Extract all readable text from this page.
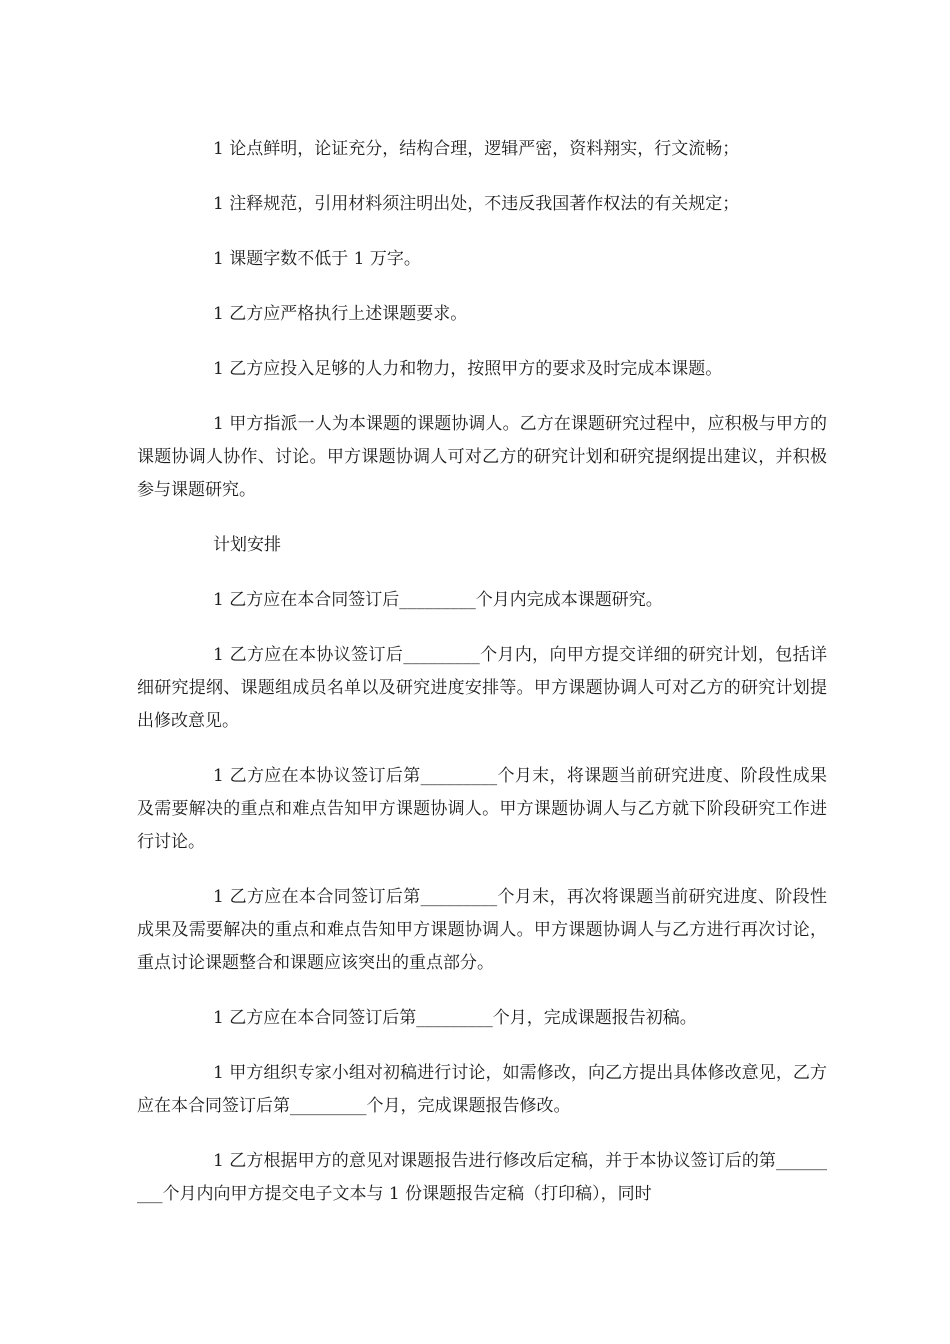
1 论点鲜明，论证充分，结构合理，逻辑严密，资料翔实，行文流畅；

1 注释规范，引用材料须注明出处，不违反我国著作权法的有关规定；

1 课题字数不低于 1 万字。

1 乙方应严格执行上述课题要求。

1 乙方应投入足够的人力和物力，按照甲方的要求及时完成本课题。

1 甲方指派一人为本课题的课题协调人。乙方在课题研究过程中，应积极与甲方的课题协调人协作、讨论。甲方课题协调人可对乙方的研究计划和研究提纲提出建议，并积极参与课题研究。

计划安排

1 乙方应在本合同签订后_________个月内完成本课题研究。

1 乙方应在本协议签订后_________个月内，向甲方提交详细的研究计划，包括详细研究提纲、课题组成员名单以及研究进度安排等。甲方课题协调人可对乙方的研究计划提出修改意见。

1 乙方应在本协议签订后第_________个月末，将课题当前研究进度、阶段性成果及需要解决的重点和难点告知甲方课题协调人。甲方课题协调人与乙方就下阶段研究工作进行讨论。

1 乙方应在本合同签订后第_________个月末，再次将课题当前研究进度、阶段性成果及需要解决的重点和难点告知甲方课题协调人。甲方课题协调人与乙方进行再次讨论，重点讨论课题整合和课题应该突出的重点部分。

1 乙方应在本合同签订后第_________个月，完成课题报告初稿。

1 甲方组织专家小组对初稿进行讨论，如需修改，向乙方提出具体修改意见，乙方应在本合同签订后第_________个月，完成课题报告修改。

1 乙方根据甲方的意见对课题报告进行修改后定稿，并于本协议签订后的第_________个月内向甲方提交电子文本与 1 份课题报告定稿（打印稿），同时
